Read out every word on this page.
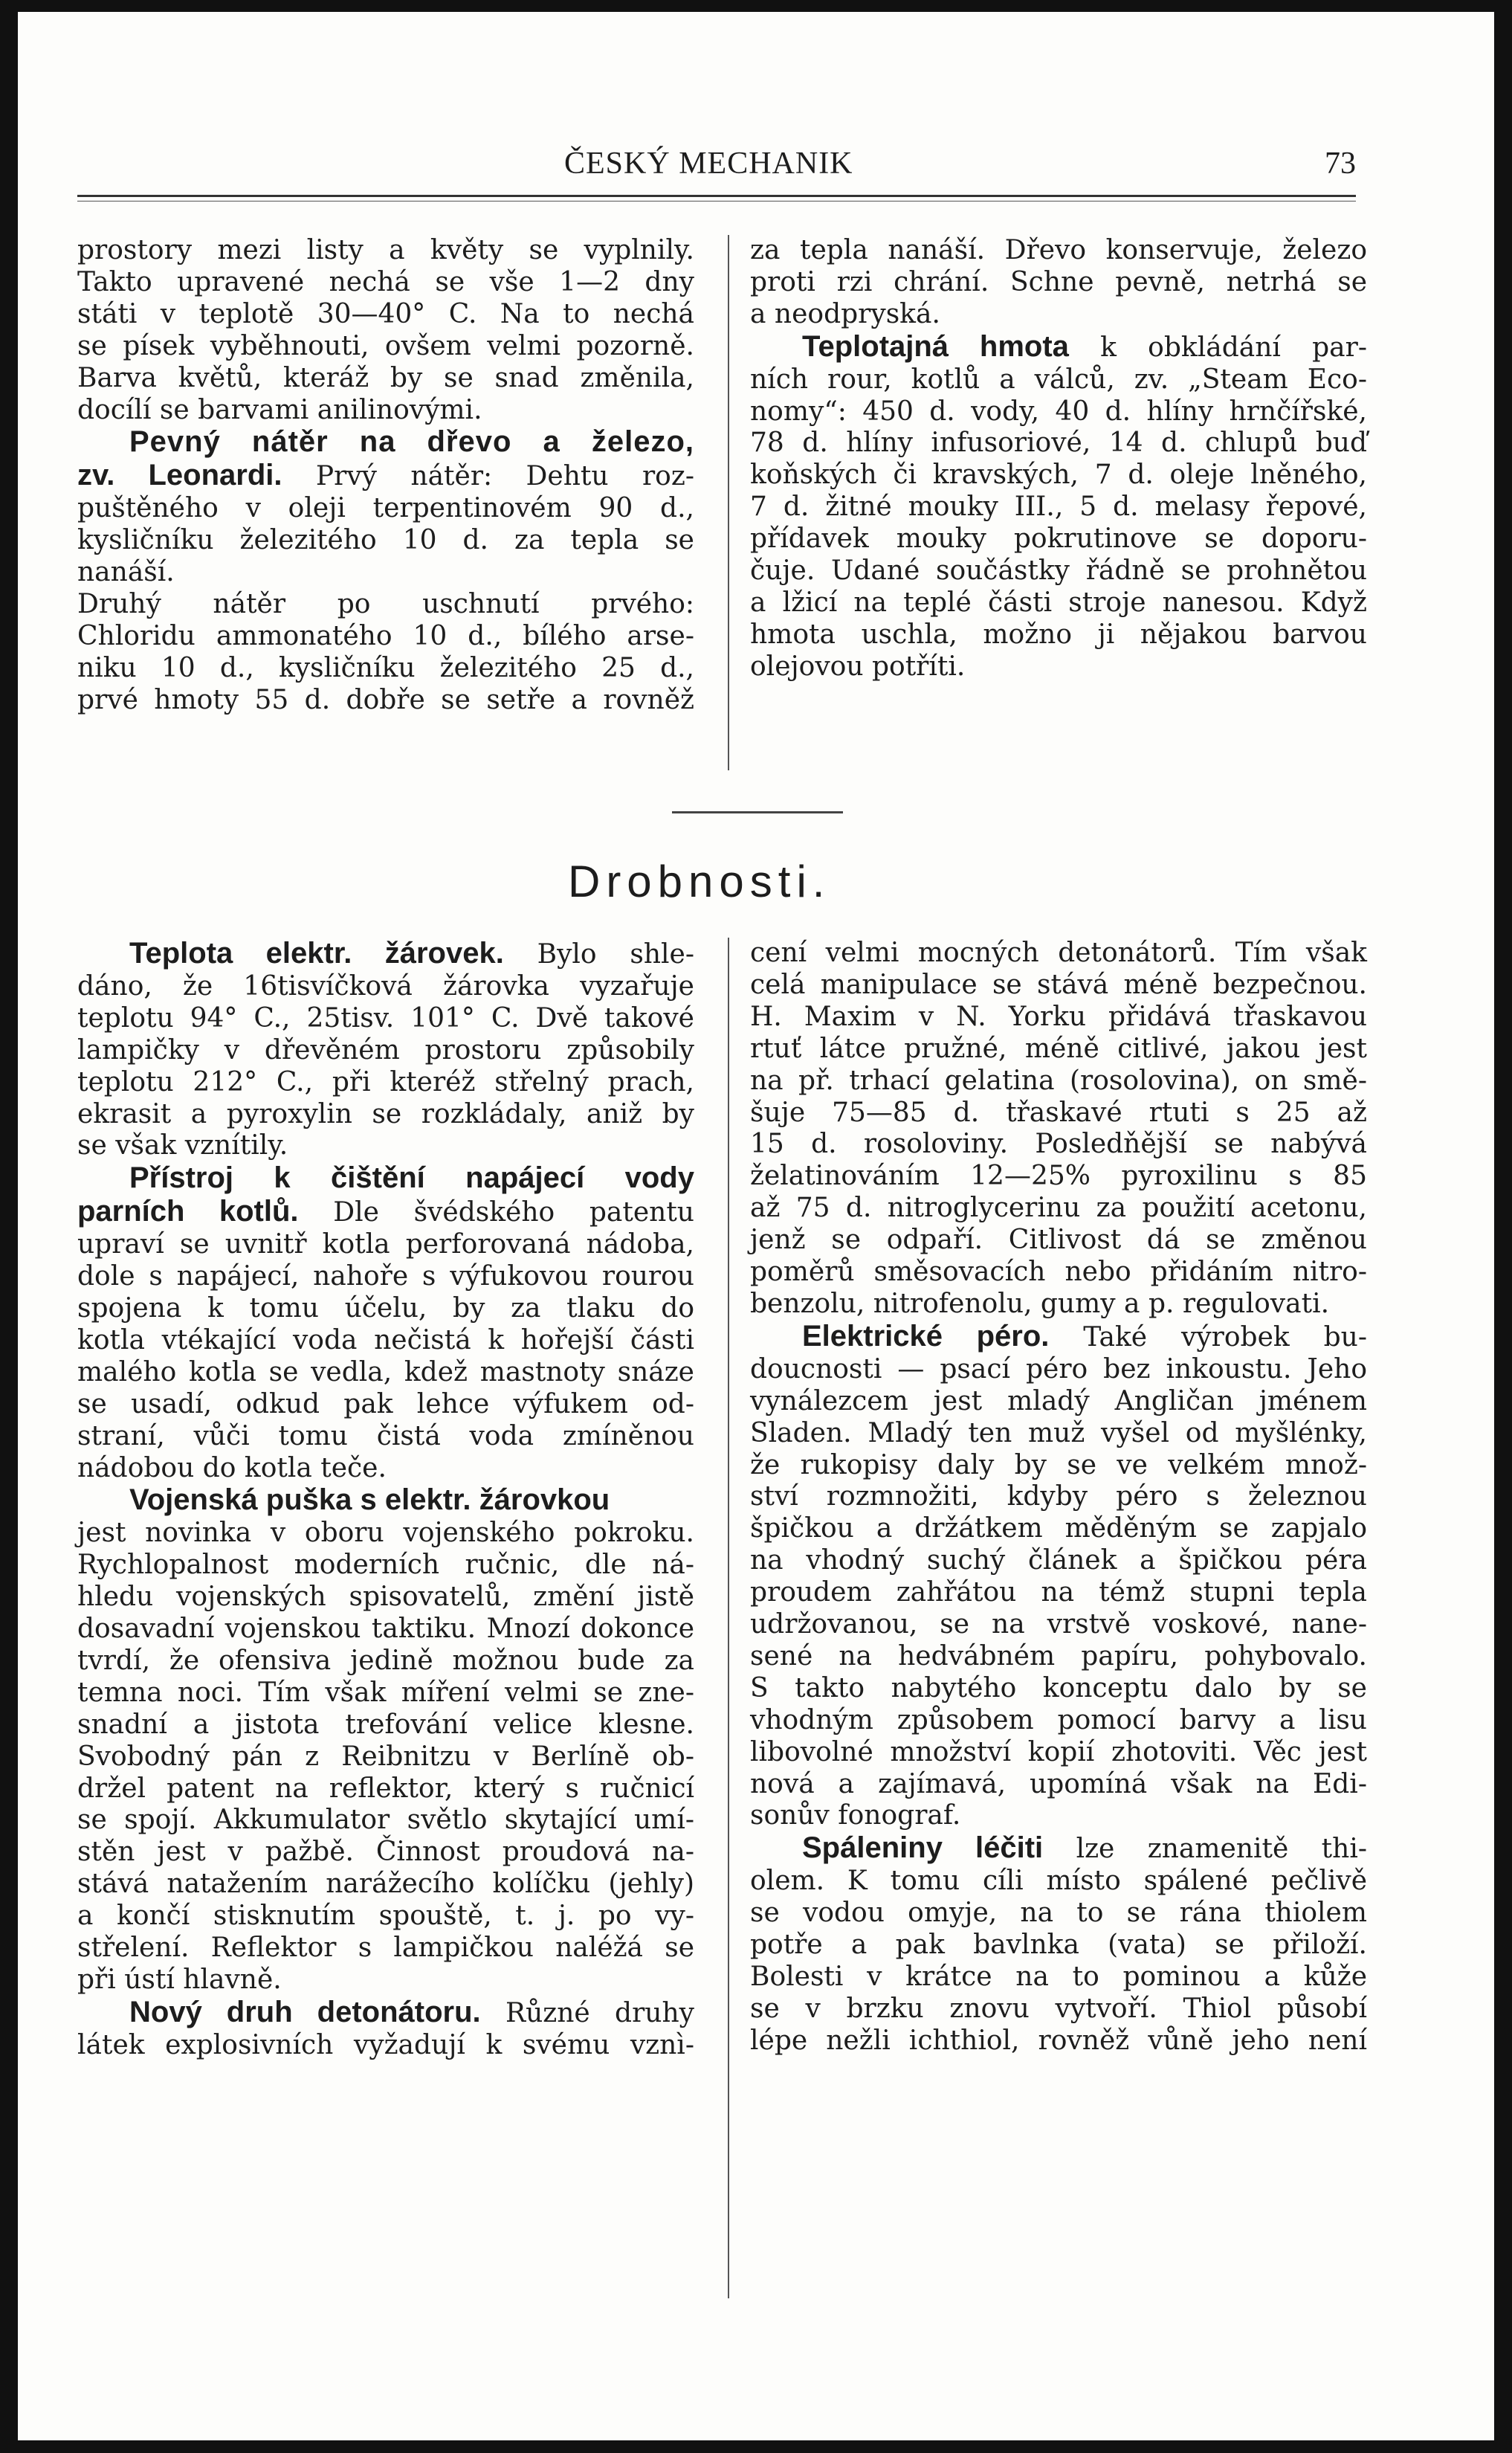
ČESKÝ MECHANIK	73
prostory mezi listy a květy se vyplnily.
Takto upravené nechá se vše 1—2 dny
státi v teplotě 30—40° C. Na to nechá
se písek vyběhnouti, ovšem velmi pozorně.
Barva květů, kteráž by se snad změnila,
docílí se barvami anilinovými.
Pevný nátěr na dřevo a železo,
zv. Leonardi. Prvý nátěr: Dehtu roz-
puštěného v oleji terpentinovém 90 d.,
kysličníku železitého 10 d. za tepla se
nanáší.
Druhý nátěr po uschnutí prvého:
Chloridu ammonatého 10 d., bílého arse-
niku 10 d., kysličníku železitého 25 d.,
prvé hmoty 55 d. dobře se setře a rovněž
za tepla nanáší. Dřevo konservuje, železo
proti rzi chrání. Schne pevně, netrhá se
a neodpryská.
Teplotajná hmota k obkládání par-
ních rour, kotlů a válců, zv. „Steam Eco-
nomy“: 450 d. vody, 40 d. hlíny hrnčířské,
78 d. hlíny infusoriové, 14 d. chlupů buď
koňských či kravských, 7 d. oleje lněného,
7 d. žitné mouky III., 5 d. melasy řepové,
přídavek mouky pokrutinove se doporu-
čuje. Udané součástky řádně se prohnětou
a lžicí na teplé části stroje nanesou. Když
hmota uschla, možno ji nějakou barvou
olejovou potříti.
Drobnosti.
Teplota elektr. žárovek. Bylo shle-
dáno, že 16tisvíčková žárovka vyzařuje
teplotu 94° C., 25tisv. 101° C. Dvě takové
lampičky v dřevěném prostoru způsobily
teplotu 212° C., při kteréž střelný prach,
ekrasit a pyroxylin se rozkládaly, aniž by
se však vznítily.
Přístroj k čištění napájecí vody
parních kotlů. Dle švédského patentu
upraví se uvnitř kotla perforovaná nádoba,
dole s napájecí, nahoře s výfukovou rourou
spojena k tomu účelu, by za tlaku do
kotla vtékající voda nečistá k hořejší části
malého kotla se vedla, kdež mastnoty snáze
se usadí, odkud pak lehce výfukem od-
straní, vůči tomu čistá voda zmíněnou
nádobou do kotla teče.
Vojenská puška s elektr. žárovkou
jest novinka v oboru vojenského pokroku.
Rychlopalnost moderních ručnic, dle ná-
hledu vojenských spisovatelů, změní jistě
dosavadní vojenskou taktiku. Mnozí dokonce
tvrdí, že ofensiva jedině možnou bude za
temna noci. Tím však míření velmi se zne-
snadní a jistota trefování velice klesne.
Svobodný pán z Reibnitzu v Berlíně ob-
držel patent na reflektor, který s ručnicí
se spojí. Akkumulator světlo skytající umí-
stěn jest v pažbě. Činnost proudová na-
stává natažením narážecího kolíčku (jehly)
a končí stisknutím spouště, t. j. po vy-
střelení. Reflektor s lampičkou naléžá se
při ústí hlavně.
Nový druh detonátoru. Různé druhy
látek explosivních vyžadují k svému vznì-
cení velmi mocných detonátorů. Tím však
celá manipulace se stává méně bezpečnou.
H. Maxim v N. Yorku přidává třaskavou
rtuť látce pružné, méně citlivé, jakou jest
na př. trhací gelatina (rosolovina), on smě-
šuje 75—85 d. třaskavé rtuti s 25 až
15 d. rosoloviny. Posledňější se nabývá
želatinováním 12—25% pyroxilinu s 85
až 75 d. nitroglycerinu za použití acetonu,
jenž se odpaří. Citlivost dá se změnou
poměrů směsovacích nebo přidáním nitro-
benzolu, nitrofenolu, gumy a p. regulovati.
Elektrické péro. Také výrobek bu-
doucnosti — psací péro bez inkoustu. Jeho
vynálezcem jest mladý Angličan jménem
Sladen. Mladý ten muž vyšel od myšlénky,
že rukopisy daly by se ve velkém množ-
ství rozmnožiti, kdyby péro s železnou
špičkou a držátkem měděným se zapjalo
na vhodný suchý článek a špičkou péra
proudem zahřátou na témž stupni tepla
udržovanou, se na vrstvě voskové, nane-
sené na hedvábném papíru, pohybovalo.
S takto nabytého konceptu dalo by se
vhodným způsobem pomocí barvy a lisu
libovolné množství kopií zhotoviti. Věc jest
nová a zajímavá, upomíná však na Edi-
sonův fonograf.
Spáleniny léčiti lze znamenitě thi-
olem. K tomu cíli místo spálené pečlivě
se vodou omyje, na to se rána thiolem
potře a pak bavlnka (vata) se přiloží.
Bolesti v krátce na to pominou a kůže
se v brzku znovu vytvoří. Thiol působí
lépe nežli ichthiol, rovněž vůně jeho není
